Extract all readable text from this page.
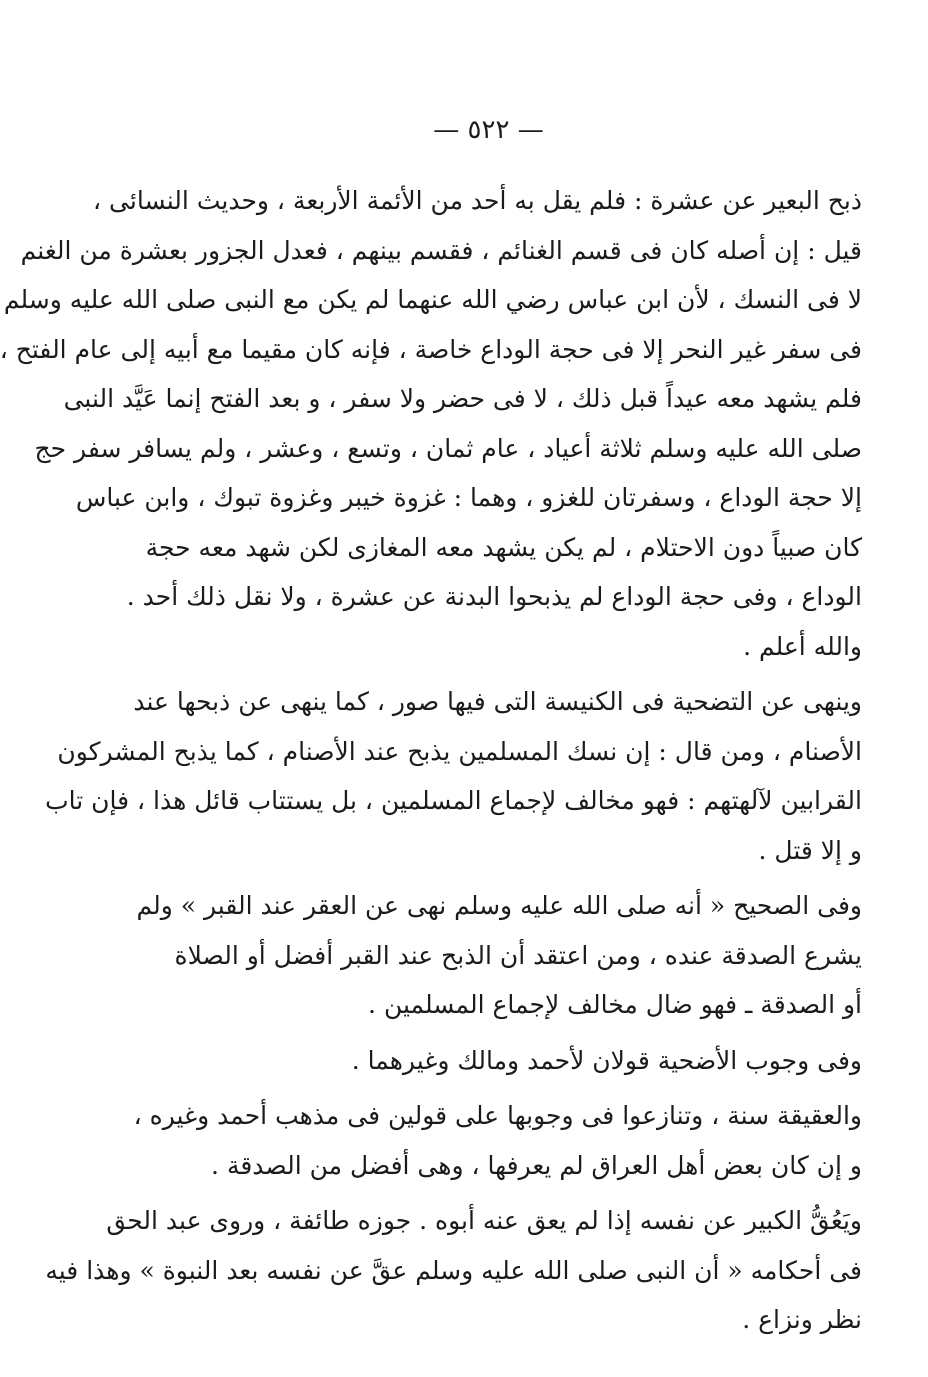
— ٥٢٢ —
ذبح البعير عن عشرة : فلم يقل به أحد من الأئمة الأربعة ، وحديث النسائى ،
قيل : إن أصله كان فى قسم الغنائم ، فقسم بينهم ، فعدل الجزور بعشرة من الغنم
لا فى النسك ، لأن ابن عباس رضي الله عنهما لم يكن مع النبى صلى الله عليه وسلم
فى سفر غير النحر إلا فى حجة الوداع خاصة ، فإنه كان مقيما مع أبيه إلى عام الفتح ،
فلم يشهد معه عيداً قبل ذلك ، لا فى حضر ولا سفر ، و بعد الفتح إنما عَيَّد النبى
صلى الله عليه وسلم ثلاثة أعياد ، عام ثمان ، وتسع ، وعشر ، ولم يسافر سفر حج
إلا حجة الوداع ، وسفرتان للغزو ، وهما : غزوة خيبر وغزوة تبوك ، وابن عباس
كان صبياً دون الاحتلام ، لم يكن يشهد معه المغازى لكن شهد معه حجة
الوداع ، وفى حجة الوداع لم يذبحوا البدنة عن عشرة ، ولا نقل ذلك أحد .
والله أعلم .
وينهى عن التضحية فى الكنيسة التى فيها صور ، كما ينهى عن ذبحها عند
الأصنام ، ومن قال : إن نسك المسلمين يذبح عند الأصنام ، كما يذبح المشركون
القرابين لآلهتهم : فهو مخالف لإجماع المسلمين ، بل يستتاب قائل هذا ، فإن تاب
و إلا قتل .
وفى الصحيح « أنه صلى الله عليه وسلم نهى عن العقر عند القبر » ولم
يشرع الصدقة عنده ، ومن اعتقد أن الذبح عند القبر أفضل أو الصلاة
أو الصدقة ـ فهو ضال مخالف لإجماع المسلمين .
وفى وجوب الأضحية قولان لأحمد ومالك وغيرهما .
والعقيقة سنة ، وتنازعوا فى وجوبها على قولين فى مذهب أحمد وغيره ،
و إن كان بعض أهل العراق لم يعرفها ، وهى أفضل من الصدقة .
ويَعُقُّ الكبير عن نفسه إذا لم يعق عنه أبوه . جوزه طائفة ، وروى عبد الحق
فى أحكامه « أن النبى صلى الله عليه وسلم عقَّ عن نفسه بعد النبوة » وهذا فيه
نظر ونزاع .
